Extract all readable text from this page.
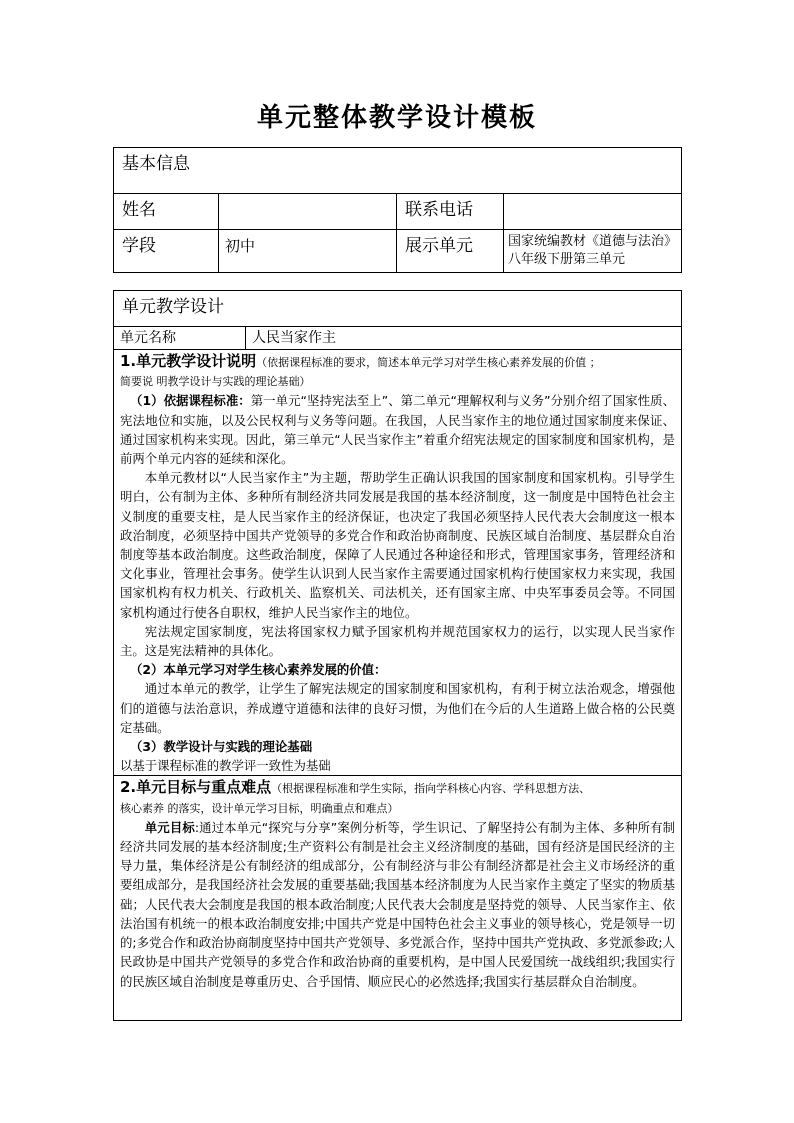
单元整体教学设计模板
基本信息			
姓名		联系电话	
学段	初中	展示单元	国家统编教材《道德与法治》
八年级下册第三单元
单元教学设计
单元名称	人民当家作主

1.单元教学设计说明（依据课程标准的要求，简述本单元学习对学生核心素养发展的价值 ；

简要说 明教学设计与实践的理论基础）

（1）依据课程标准：第一单元“坚持宪法至上”、第二单元“理解权利与义务”分别介绍了国家性质、宪法地位和实施，以及公民权利与义务等问题。在我国，人民当家作主的地位通过国家制度来保证、通过国家机构来实现。因此，第三单元“人民当家作主”着重介绍宪法规定的国家制度和国家机构，是前两个单元内容的延续和深化。

本单元教材以“人民当家作主”为主题，帮助学生正确认识我国的国家制度和国家机构。引导学生明白，公有制为主体、多种所有制经济共同发展是我国的基本经济制度，这一制度是中国特色社会主义制度的重要支柱，是人民当家作主的经济保证，也决定了我国必须坚持人民代表大会制度这一根本政治制度，必须坚持中国共产党领导的多党合作和政治协商制度、民族区域自治制度、基层群众自治制度等基本政治制度。这些政治制度，保障了人民通过各种途径和形式，管理国家事务，管理经济和文化事业，管理社会事务。使学生认识到人民当家作主需要通过国家机构行使国家权力来实现，我国国家机构有权力机关、行政机关、监察机关、司法机关，还有国家主席、中央军事委员会等。不同国家机构通过行使各自职权，维护人民当家作主的地位。

宪法规定国家制度，宪法将国家权力赋予国家机构并规范国家权力的运行，以实现人民当家作主。这是宪法精神的具体化。

（2）本单元学习对学生核心素养发展的价值：

通过本单元的教学，让学生了解宪法规定的国家制度和国家机构，有利于树立法治观念，增强他们的道德与法治意识，养成遵守道德和法律的良好习惯，为他们在今后的人生道路上做合格的公民奠定基础。

（3）教学设计与实践的理论基础

以基于课程标准的教学评一致性为基础

2.单元目标与重点难点（根据课程标准和学生实际，指向学科核心内容、学科思想方法、

核心素养 的落实，设计单元学习目标，明确重点和难点）

单元目标:通过本单元“探究与分享”案例分析等，学生识记、了解坚持公有制为主体、多种所有制经济共同发展的基本经济制度;生产资料公有制是社会主义经济制度的基础，国有经济是国民经济的主导力量，集体经济是公有制经济的组成部分，公有制经济与非公有制经济都是社会主义市场经济的重要组成部分，是我国经济社会发展的重要基础;我国基本经济制度为人民当家作主奠定了坚实的物质基础；人民代表大会制度是我国的根本政治制度;人民代表大会制度是坚持党的领导、人民当家作主、依法治国有机统一的根本政治制度安排;中国共产党是中国特色社会主义事业的领导核心，党是领导一切的;多党合作和政治协商制度坚持中国共产党领导、多党派合作，坚持中国共产党执政、多党派参政;人民政协是中国共产党领导的多党合作和政治协商的重要机构，是中国人民爱国统一战线组织;我国实行的民族区域自治制度是尊重历史、合乎国情、顺应民心的必然选择;我国实行基层群众自治制度。
